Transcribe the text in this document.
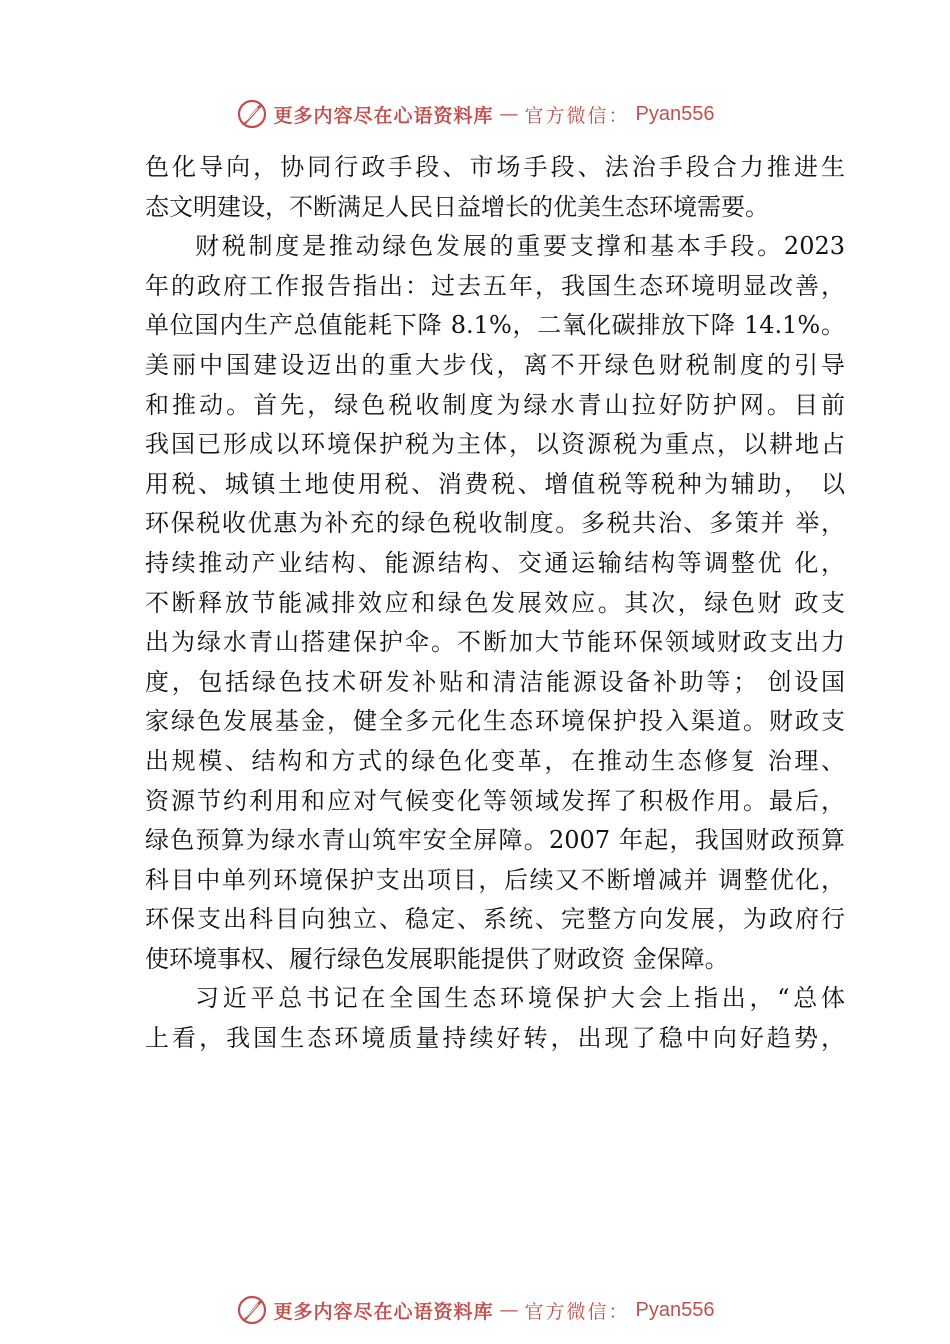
更多内容尽在心语资料库 — 官方微信： Pyan556
色化导向，协同行政手段、市场手段、法治手段合力推进生
态文明建设，不断满足人民日益增长的优美生态环境需要。
财税制度是推动绿色发展的重要支撑和基本手段。2023
年的政府工作报告指出：过去五年，我国生态环境明显改善，
单位国内生产总值能耗下降 8.1%，二氧化碳排放下降 14.1%。
美丽中国建设迈出的重大步伐，离不开绿色财税制度的引导
和推动。首先，绿色税收制度为绿水青山拉好防护网。目前
我国已形成以环境保护税为主体，以资源税为重点，以耕地占
用税、城镇土地使用税、消费税、增值税等税种为辅助， 以
环保税收优惠为补充的绿色税收制度。多税共治、多策并 举，
持续推动产业结构、能源结构、交通运输结构等调整优 化，
不断释放节能减排效应和绿色发展效应。其次，绿色财 政支
出为绿水青山搭建保护伞。不断加大节能环保领域财政支出力
度，包括绿色技术研发补贴和清洁能源设备补助等； 创设国
家绿色发展基金，健全多元化生态环境保护投入渠道。财政支
出规模、结构和方式的绿色化变革，在推动生态修复 治理、
资源节约利用和应对气候变化等领域发挥了积极作用。最后，
绿色预算为绿水青山筑牢安全屏障。2007 年起，我国财政预算
科目中单列环境保护支出项目，后续又不断增减并 调整优化，
环保支出科目向独立、稳定、系统、完整方向发展，为政府行
使环境事权、履行绿色发展职能提供了财政资 金保障。
习近平总书记在全国生态环境保护大会上指出，“总体
上看，我国生态环境质量持续好转，出现了稳中向好趋势，
更多内容尽在心语资料库 — 官方微信： Pyan556
